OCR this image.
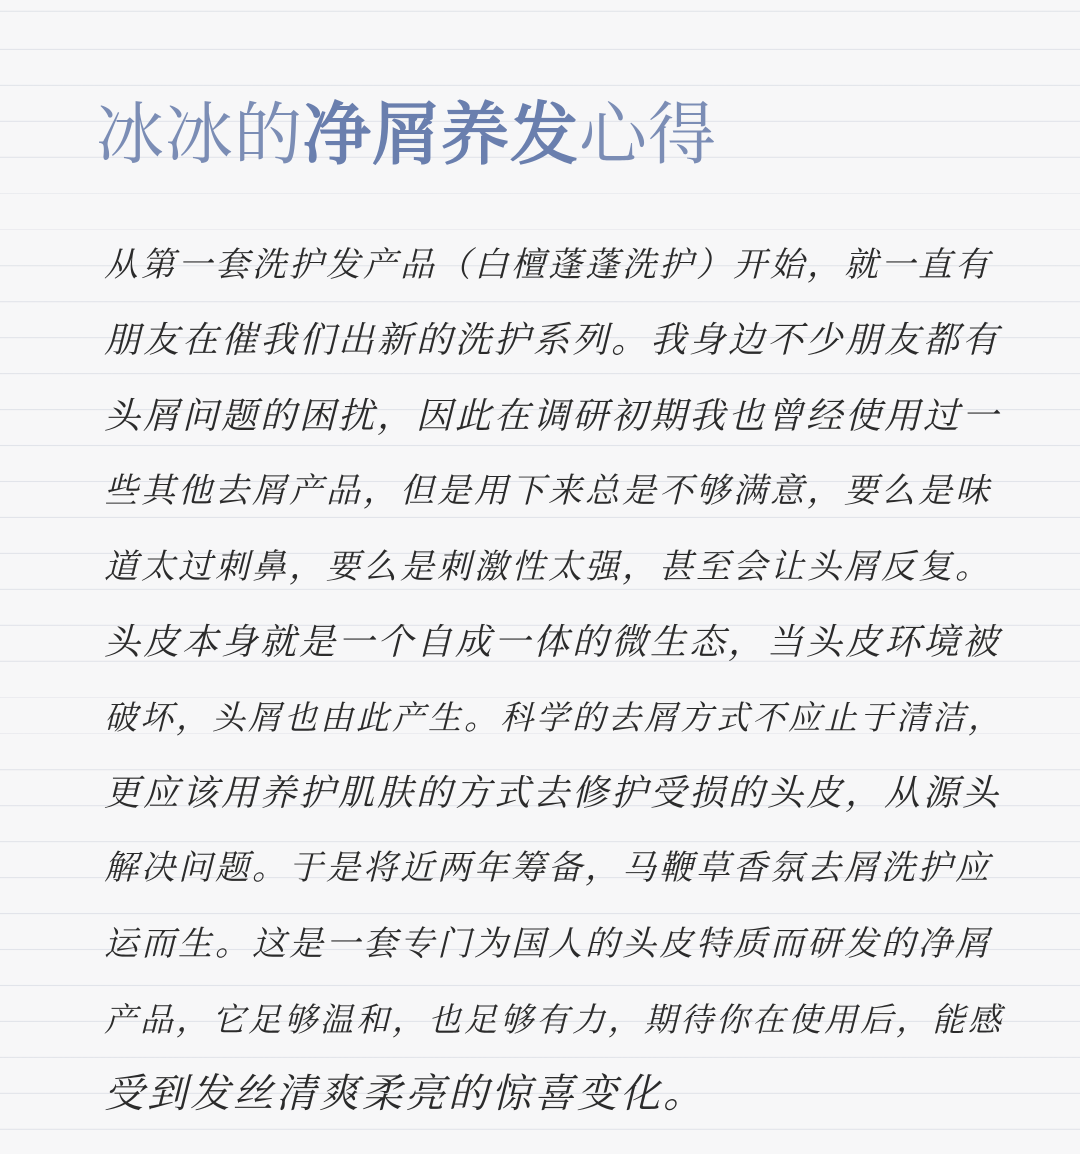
冰冰的净屑养发心得
从第一套洗护发产品（白檀蓬蓬洗护）开始，就一直有
朋友在催我们出新的洗护系列。我身边不少朋友都有
头屑问题的困扰，因此在调研初期我也曾经使用过一
些其他去屑产品，但是用下来总是不够满意，要么是味
道太过刺鼻，要么是刺激性太强，甚至会让头屑反复。
头皮本身就是一个自成一体的微生态，当头皮环境被
破坏，头屑也由此产生。科学的去屑方式不应止于清洁，
更应该用养护肌肤的方式去修护受损的头皮，从源头
解决问题。于是将近两年筹备，马鞭草香氛去屑洗护应
运而生。这是一套专门为国人的头皮特质而研发的净屑
产品，它足够温和，也足够有力，期待你在使用后，能感
受到发丝清爽柔亮的惊喜变化。
